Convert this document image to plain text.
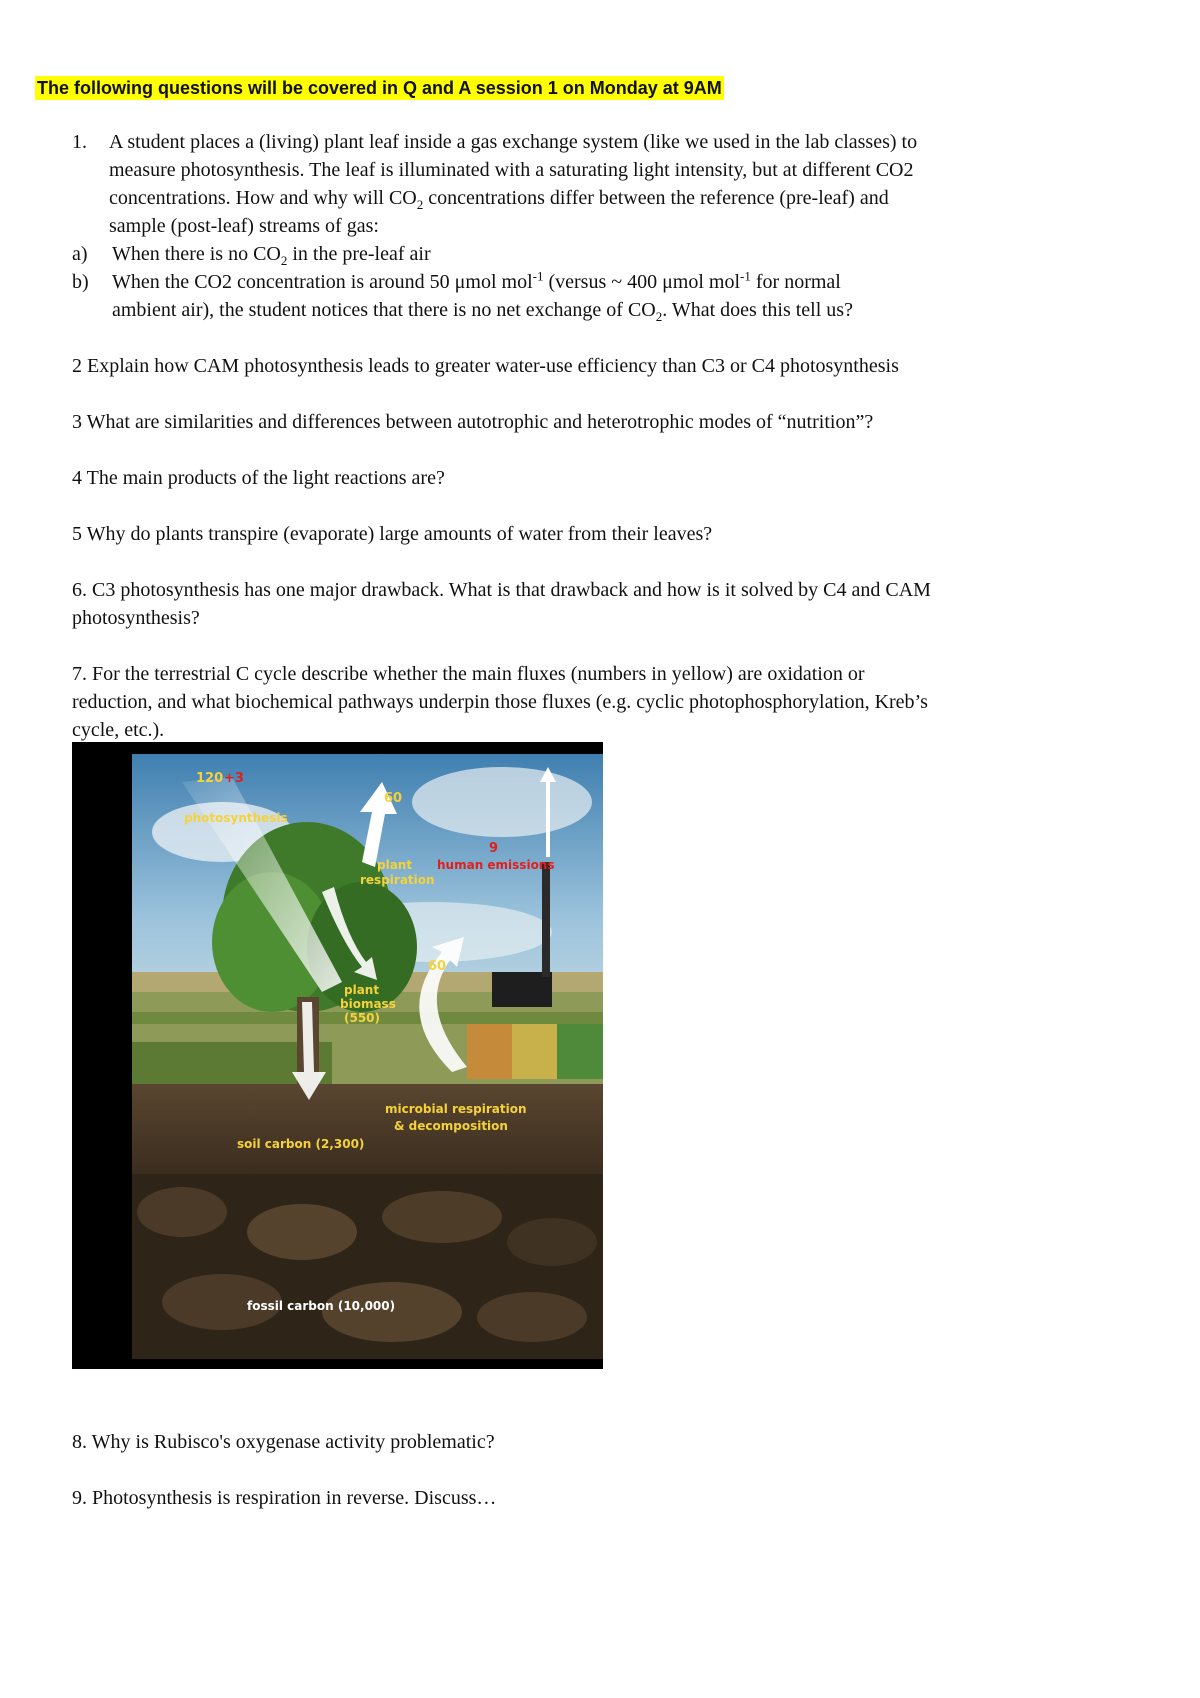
The following questions will be covered in Q and A session 1 on Monday at 9AM
1. A student places a (living) plant leaf inside a gas exchange system (like we used in the lab classes) to
measure photosynthesis. The leaf is illuminated with a saturating light intensity, but at different CO2
concentrations. How and why will $CO_2$ concentrations differ between the reference (pre-leaf) and
sample (post-leaf) streams of gas:
a)	When there is no $CO_2$ in the pre-leaf air
b)	When the CO2 concentration is around 50 μmol mol$^{-1}$ (versus ~ 400 μmol mol$^{-1}$ for normal
ambient air), the student notices that there is no net exchange of $CO_2$. What does this tell us?
2 Explain how CAM photosynthesis leads to greater water-use efficiency than C3 or C4 photosynthesis
3 What are similarities and differences between autotrophic and heterotrophic modes of “nutrition”?
4 The main products of the light reactions are?
5 Why do plants transpire (evaporate) large amounts of water from their leaves?
6. C3 photosynthesis has one major drawback. What is that drawback and how is it solved by C4 and CAM
photosynthesis?
7. For the terrestrial C cycle describe whether the main fluxes (numbers in yellow) are oxidation or
reduction, and what biochemical pathways underpin those fluxes (e.g. cyclic photophosphorylation, Kreb’s
cycle, etc.).
120 +3
photosynthesis
60
plant
respiration
9
human emissions
60
plant
biomass
(550)
microbial respiration
& decomposition
soil carbon (2,300)
fossil carbon (10,000)
8. Why is Rubisco's oxygenase activity problematic?
9. Photosynthesis is respiration in reverse. Discuss…
